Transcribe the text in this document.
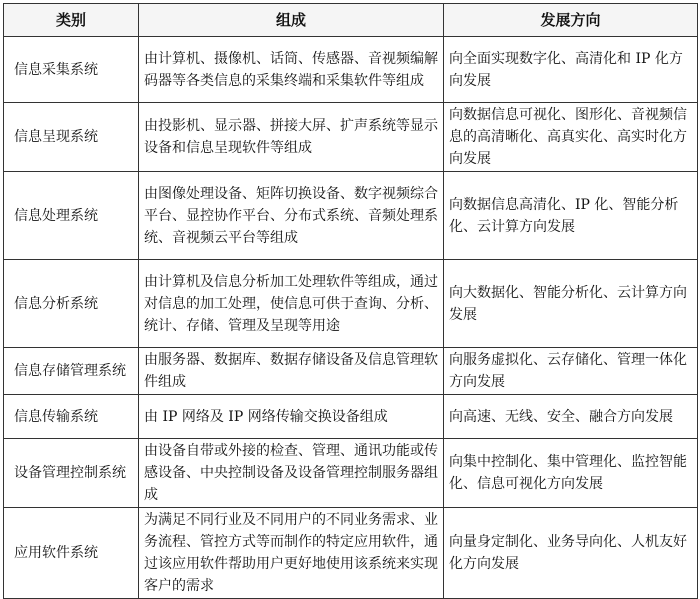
类别	组成	发展方向
信息采集系统	由计算机、摄像机、话筒、传感器、音视频编解码器等各类信息的采集终端和采集软件等组成	向全面实现数字化、高清化和 IP 化方向发展
信息呈现系统	由投影机、显示器、拼接大屏、扩声系统等显示设备和信息呈现软件等组成	向数据信息可视化、图形化、音视频信息的高清晰化、高真实化、高实时化方向发展
信息处理系统	由图像处理设备、矩阵切换设备、数字视频综合平台、显控协作平台、分布式系统、音频处理系统、音视频云平台等组成	向数据信息高清化、IP 化、智能分析化、云计算方向发展
信息分析系统	由计算机及信息分析加工处理软件等组成，通过对信息的加工处理，使信息可供于查询、分析、统计、存储、管理及呈现等用途	向大数据化、智能分析化、云计算方向发展
信息存储管理系统	由服务器、数据库、数据存储设备及信息管理软件组成	向服务虚拟化、云存储化、管理一体化方向发展
信息传输系统	由 IP 网络及 IP 网络传输交换设备组成	向高速、无线、安全、融合方向发展
设备管理控制系统	由设备自带或外接的检查、管理、通讯功能或传感设备、中央控制设备及设备管理控制服务器组成	向集中控制化、集中管理化、监控智能化、信息可视化方向发展
应用软件系统	为满足不同行业及不同用户的不同业务需求、业务流程、管控方式等而制作的特定应用软件，通过该应用软件帮助用户更好地使用该系统来实现客户的需求	向量身定制化、业务导向化、人机友好化方向发展
